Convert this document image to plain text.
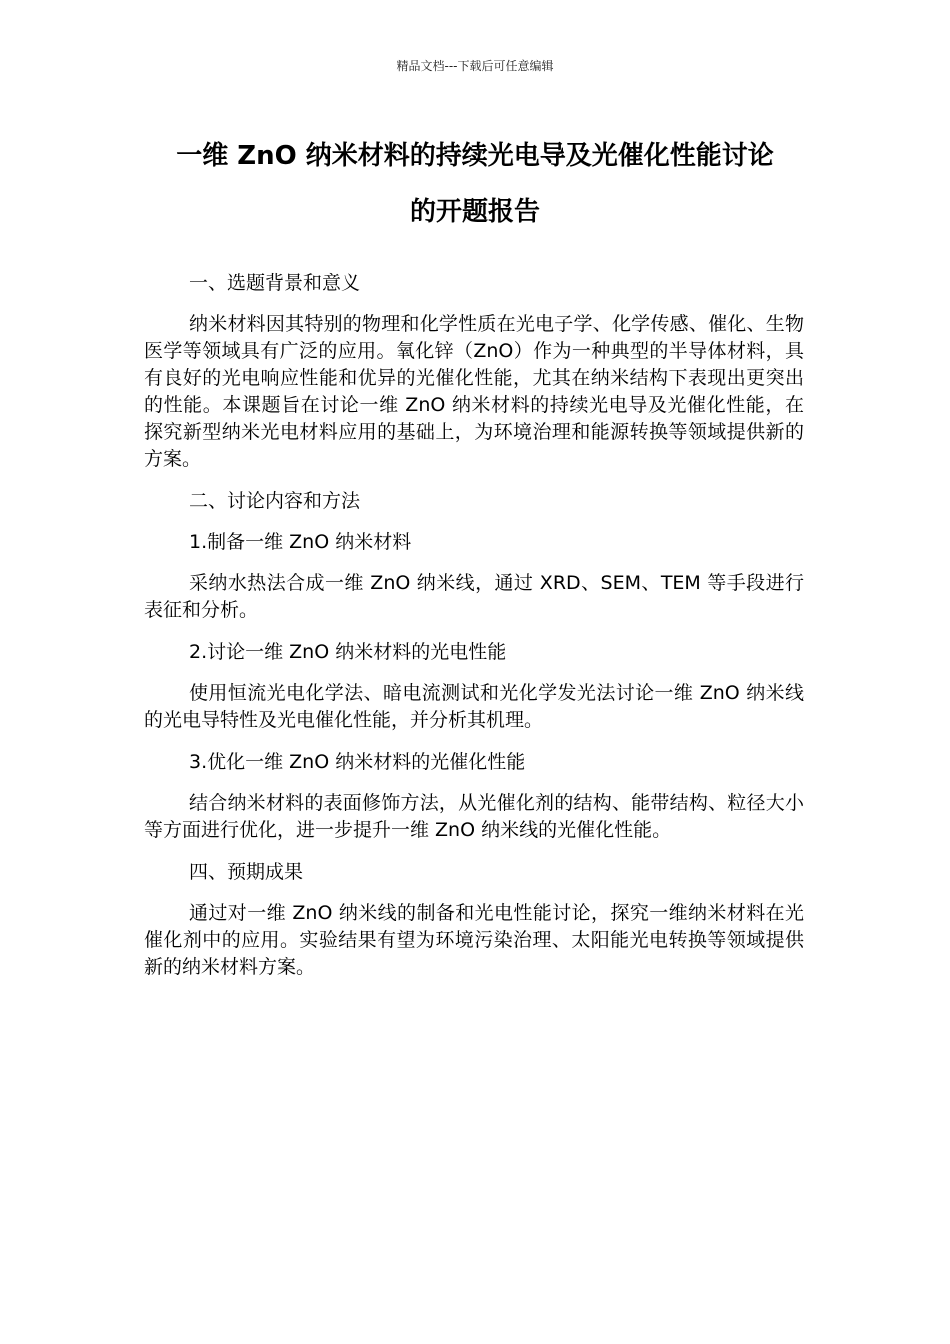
精品文档---下载后可任意编辑
一维 ZnO 纳米材料的持续光电导及光催化性能讨论
的开题报告

一、选题背景和意义

纳米材料因其特别的物理和化学性质在光电子学、化学传感、催化、生物医学等领域具有广泛的应用。氧化锌（ZnO）作为一种典型的半导体材料，具有良好的光电响应性能和优异的光催化性能，尤其在纳米结构下表现出更突出的性能。本课题旨在讨论一维 ZnO 纳米材料的持续光电导及光催化性能，在探究新型纳米光电材料应用的基础上，为环境治理和能源转换等领域提供新的方案。

二、讨论内容和方法

1.制备一维 ZnO 纳米材料

采纳水热法合成一维 ZnO 纳米线，通过 XRD、SEM、TEM 等手段进行表征和分析。

2.讨论一维 ZnO 纳米材料的光电性能

使用恒流光电化学法、暗电流测试和光化学发光法讨论一维 ZnO 纳米线的光电导特性及光电催化性能，并分析其机理。

3.优化一维 ZnO 纳米材料的光催化性能

结合纳米材料的表面修饰方法，从光催化剂的结构、能带结构、粒径大小等方面进行优化，进一步提升一维 ZnO 纳米线的光催化性能。

四、预期成果

通过对一维 ZnO 纳米线的制备和光电性能讨论，探究一维纳米材料在光催化剂中的应用。实验结果有望为环境污染治理、太阳能光电转换等领域提供新的纳米材料方案。
